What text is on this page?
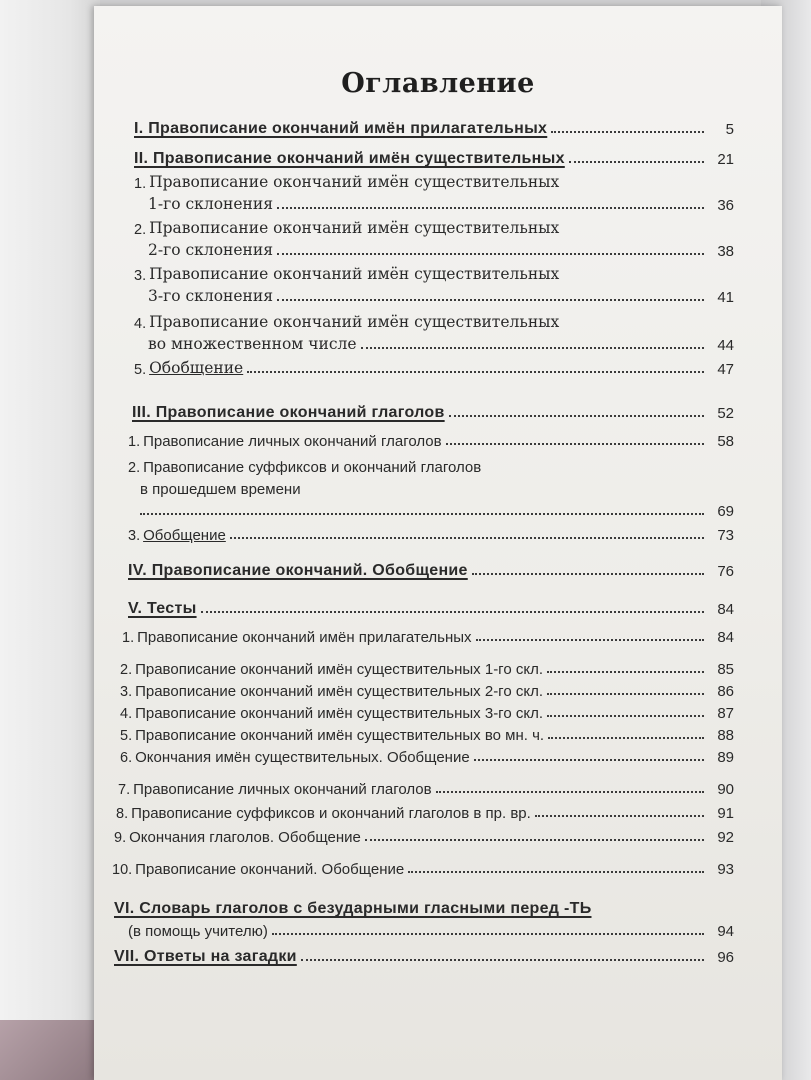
Оглавление
I. Правописание окончаний имён прилагательных	5
II. Правописание окончаний имён существительных	21
1. Правописание окончаний имён существительных
1-го склонения	36
2. Правописание окончаний имён существительных
2-го склонения	38
3. Правописание окончаний имён существительных
3-го склонения	41
4. Правописание окончаний имён существительных
во множественном числе	44
5. Обобщение	47
III. Правописание окончаний глаголов	52
1. Правописание личных окончаний глаголов	58
2. Правописание суффиксов и окончаний глаголов
в прошедшем времени
69
3. Обобщение	73
IV. Правописание окончаний. Обобщение	76
V. Тесты	84
1. Правописание окончаний имён прилагательных	84
2. Правописание окончаний имён существительных 1-го скл.	85
3. Правописание окончаний имён существительных 2-го скл.	86
4. Правописание окончаний имён существительных 3-го скл.	87
5. Правописание окончаний имён существительных во мн. ч.	88
6. Окончания имён существительных. Обобщение	89
7. Правописание личных окончаний глаголов	90
8. Правописание суффиксов и окончаний глаголов в пр. вр.	91
9. Окончания глаголов. Обобщение	92
10. Правописание окончаний. Обобщение	93
VI. Словарь глаголов с безударными гласными перед -ТЬ
(в помощь учителю)	94
VII. Ответы на загадки	96
